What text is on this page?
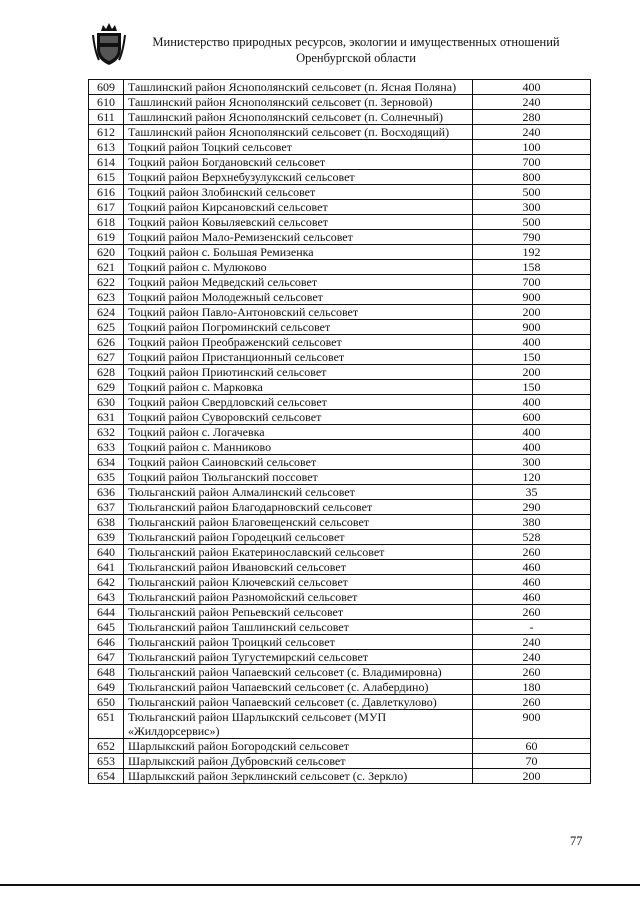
Министерство природных ресурсов, экологии и имущественных отношений
Оренбургской области
609	Ташлинский район Яснополянский сельсовет (п. Ясная Поляна)	400
610	Ташлинский район Яснополянский сельсовет (п. Зерновой)	240
611	Ташлинский район Яснополянский сельсовет (п. Солнечный)	280
612	Ташлинский район Яснополянский сельсовет (п. Восходящий)	240
613	Тоцкий район Тоцкий сельсовет	100
614	Тоцкий район Богдановский сельсовет	700
615	Тоцкий район Верхнебузулукский сельсовет	800
616	Тоцкий район Злобинский сельсовет	500
617	Тоцкий район Кирсановский сельсовет	300
618	Тоцкий район Ковыляевский сельсовет	500
619	Тоцкий район Мало-Ремизенский сельсовет	790
620	Тоцкий район с. Большая Ремизенка	192
621	Тоцкий район с. Мулюково	158
622	Тоцкий район Медведский сельсовет	700
623	Тоцкий район Молодежный сельсовет	900
624	Тоцкий район Павло-Антоновский сельсовет	200
625	Тоцкий район Погроминский сельсовет	900
626	Тоцкий район Преображенский сельсовет	400
627	Тоцкий район Пристанционный сельсовет	150
628	Тоцкий район Приютинский сельсовет	200
629	Тоцкий район с. Марковка	150
630	Тоцкий район Свердловский сельсовет	400
631	Тоцкий район Суворовский сельсовет	600
632	Тоцкий район с. Логачевка	400
633	Тоцкий район с. Манниково	400
634	Тоцкий район Саиновский сельсовет	300
635	Тоцкий район Тюльганский поссовет	120
636	Тюльганский район Алмалинский сельсовет	35
637	Тюльганский район Благодарновский сельсовет	290
638	Тюльганский район Благовещенский сельсовет	380
639	Тюльганский район Городецкий сельсовет	528
640	Тюльганский район Екатеринославский сельсовет	260
641	Тюльганский район Ивановский сельсовет	460
642	Тюльганский район Ключевский сельсовет	460
643	Тюльганский район Разномойский сельсовет	460
644	Тюльганский район Репьевский сельсовет	260
645	Тюльганский район Ташлинский сельсовет	-
646	Тюльганский район Троицкий сельсовет	240
647	Тюльганский район Тугустемирский сельсовет	240
648	Тюльганский район Чапаевский сельсовет (с. Владимировна)	260
649	Тюльганский район Чапаевский сельсовет (с. Алабердино)	180
650	Тюльганский район Чапаевский сельсовет (с. Давлеткулово)	260
651	Тюльганский район Шарлыкский сельсовет (МУП «Жилдорсервис»)	900
652	Шарлыкский район Богородский сельсовет	60
653	Шарлыкский район Дубровский сельсовет	70
654	Шарлыкский район Зерклинский сельсовет (с. Зеркло)	200
77
